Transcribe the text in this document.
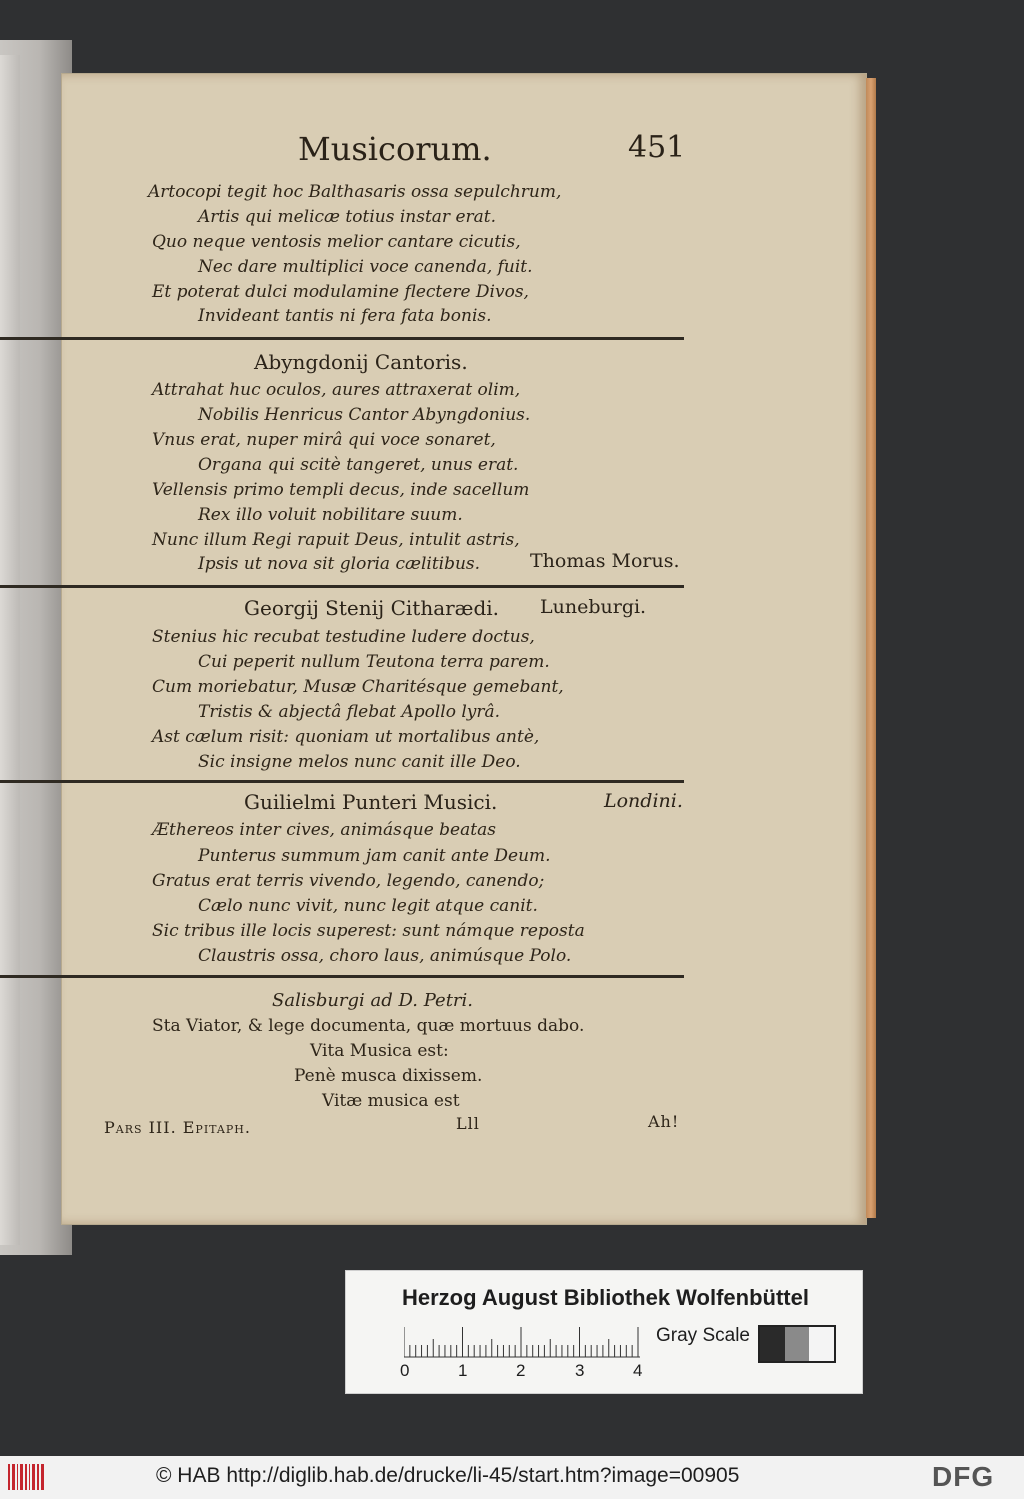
Musicorum.	451
Artocopi tegit hoc Balthasaris ossa sepulchrum,
Artis qui melicæ totius instar erat.
Quo neque ventosis melior cantare cicutis,
Nec dare multiplici voce canenda, fuit.
Et poterat dulci modulamine flectere Divos,
Invideant tantis ni fera fata bonis.
Abyngdonij Cantoris.
Attrahat huc oculos, aures attraxerat olim,
Nobilis Henricus Cantor Abyngdonius.
Vnus erat, nuper mirâ qui voce sonaret,
Organa qui scitè tangeret, unus erat.
Vellensis primo templi decus, inde sacellum
Rex illo voluit nobilitare suum.
Nunc illum Regi rapuit Deus, intulit astris,
Ipsis ut nova sit gloria cælitibus.	Thomas Morus.
Georgij Stenij Citharædi. Luneburgi.
Stenius hic recubat testudine ludere doctus,
Cui peperit nullum Teutona terra parem.
Cum moriebatur, Musæ Charitésque gemebant,
Tristis & abjectâ flebat Apollo lyrâ.
Ast cælum risit: quoniam ut mortalibus antè,
Sic insigne melos nunc canit ille Deo.
Guilielmi Punteri Musici.	Londini.
Æthereos inter cives, animásque beatas
Punterus summum jam canit ante Deum.
Gratus erat terris vivendo, legendo, canendo;
Cælo nunc vivit, nunc legit atque canit.
Sic tribus ille locis superest: sunt námque reposta
Claustris ossa, choro laus, animúsque Polo.
Salisburgi ad D. Petri.
Sta Viator, & lege documenta, quæ mortuus dabo.
Vita Musica est:
Penè musca dixissem.
Vitæ musica est
Pars III. Epitaph.	Lll	Ah!
Herzog August Bibliothek Wolfenbüttel
Gray Scale
0	1	2	3	4
© HAB http://diglib.hab.de/drucke/li-45/start.htm?image=00905	DFG
